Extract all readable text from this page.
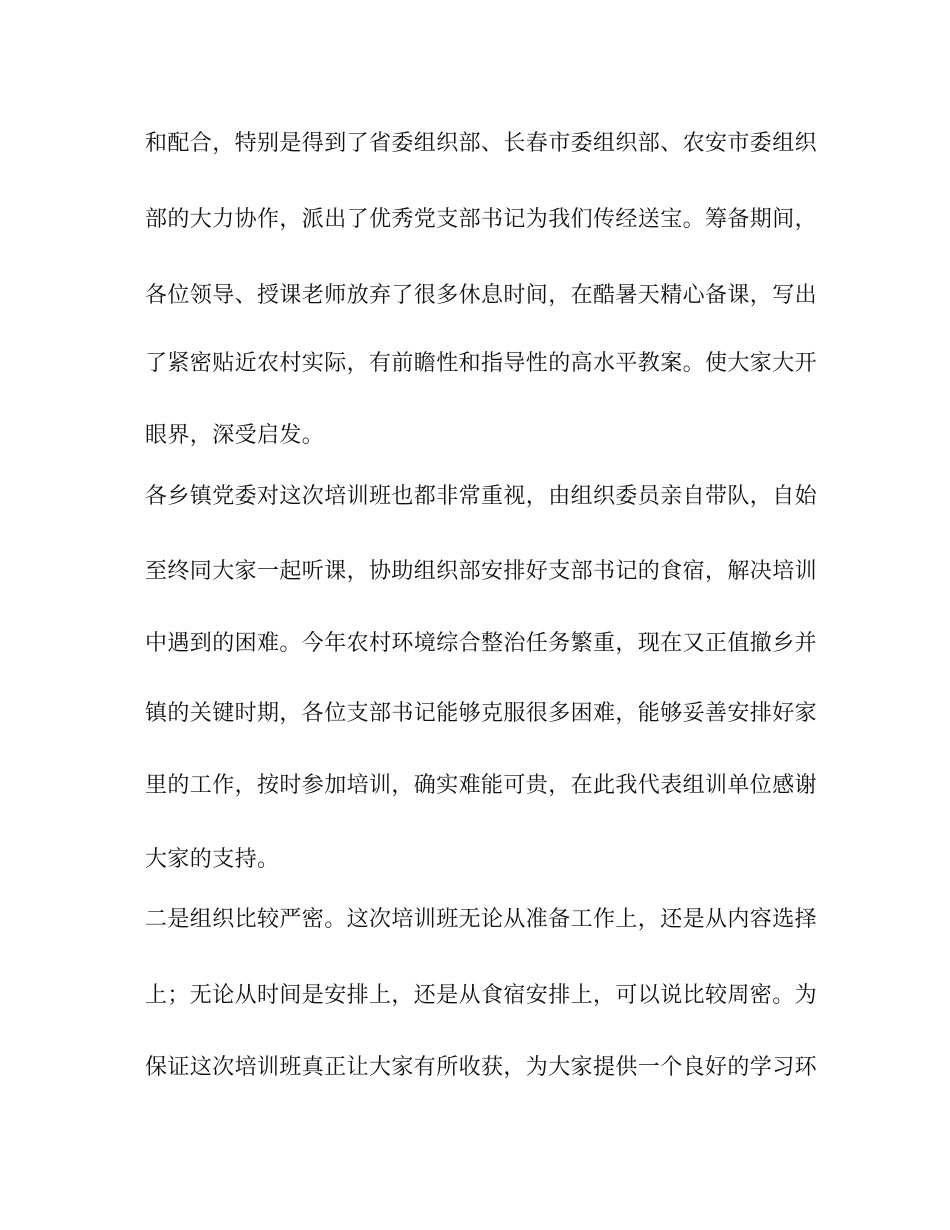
和配合，特别是得到了省委组织部、长春市委组织部、农安市委组织
部的大力协作，派出了优秀党支部书记为我们传经送宝。筹备期间，
各位领导、授课老师放弃了很多休息时间，在酷暑天精心备课，写出
了紧密贴近农村实际，有前瞻性和指导性的高水平教案。使大家大开
眼界，深受启发。
各乡镇党委对这次培训班也都非常重视，由组织委员亲自带队，自始
至终同大家一起听课，协助组织部安排好支部书记的食宿，解决培训
中遇到的困难。今年农村环境综合整治任务繁重，现在又正值撤乡并
镇的关键时期，各位支部书记能够克服很多困难，能够妥善安排好家
里的工作，按时参加培训，确实难能可贵，在此我代表组训单位感谢
大家的支持。
二是组织比较严密。这次培训班无论从准备工作上，还是从内容选择
上；无论从时间是安排上，还是从食宿安排上，可以说比较周密。为
保证这次培训班真正让大家有所收获，为大家提供一个良好的学习环
